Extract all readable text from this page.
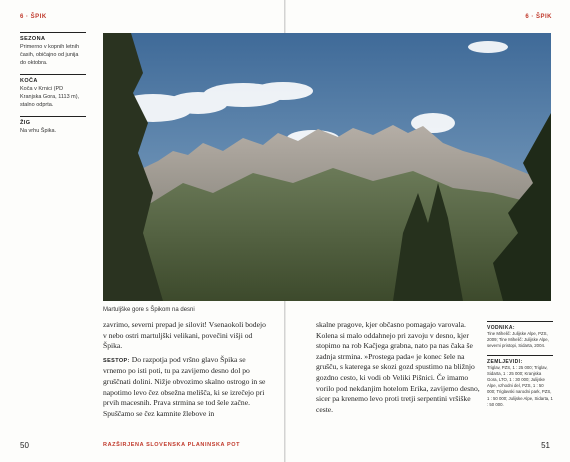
6 · ŠPIK	6 · ŠPIK
SEZONA
Primerno v kopnih letnih časih, običajno od junija do oktobra.
KOČA
Koča v Krnici (PD Kranjska Gora, 1113 m), stalno odprta.
ŽIG
Na vrhu Špika.
Martuljške gore s Špikom na desni

zavrimo, severni prepad je silovit! Vsenaokoli bodejo v nebo ostri martuljški velikani, povečini višji od Špika.

SESTOP: Do razpotja pod vršno glavo Špika se vrnemo po isti poti, tu pa zavijemo desno dol po gruščnati dolini. Nižje obvozimo skalno ostrogo in se napotimo levo čez obsežna melišča, ki se izrečejo pri prvih macesnih. Prava strmina se tod šele začne. Spuščamo se čez kamnite žlebove in

skalne pragove, kjer občasno pomagajo varovala. Kolena si malo oddahnejo pri zavoju v desno, kjer stopimo na rob Kačjega grabna, nato pa nas čaka še zadnja strmina. »Prostega pada« je konec šele na grušču, s katerega se skozi gozd spustimo na bližnjo gozdno cesto, ki vodi ob Veliki Pišnici. Če imamo vorilo pod nekdanjim hotelom Erika, zavijemo desno, sicer pa krenemo levo proti tretji serpentini vršiške ceste.

VODNIKA:
Tine Mihelič: Julijske Alpe, PZS, 2009; Tine Mihelič: Julijske Alpe, severni pristopi, Sidarta, 2004.
ZEMLJEVIDI:
Triglav, PZS, 1 : 25 000; Triglav, Sidarta, 1 : 25 000; Kranjska Gora, LTO, 1 : 30 000; Julijske Alpe, vzhodni del, PZS, 1 : 50 000; Triglavski narodni park, PZS, 1 : 50 000; Julijske Alpe, Sidarta, 1 : 50 000.
50	RAZŠIRJENA SLOVENSKA PLANINSKA POT	51
